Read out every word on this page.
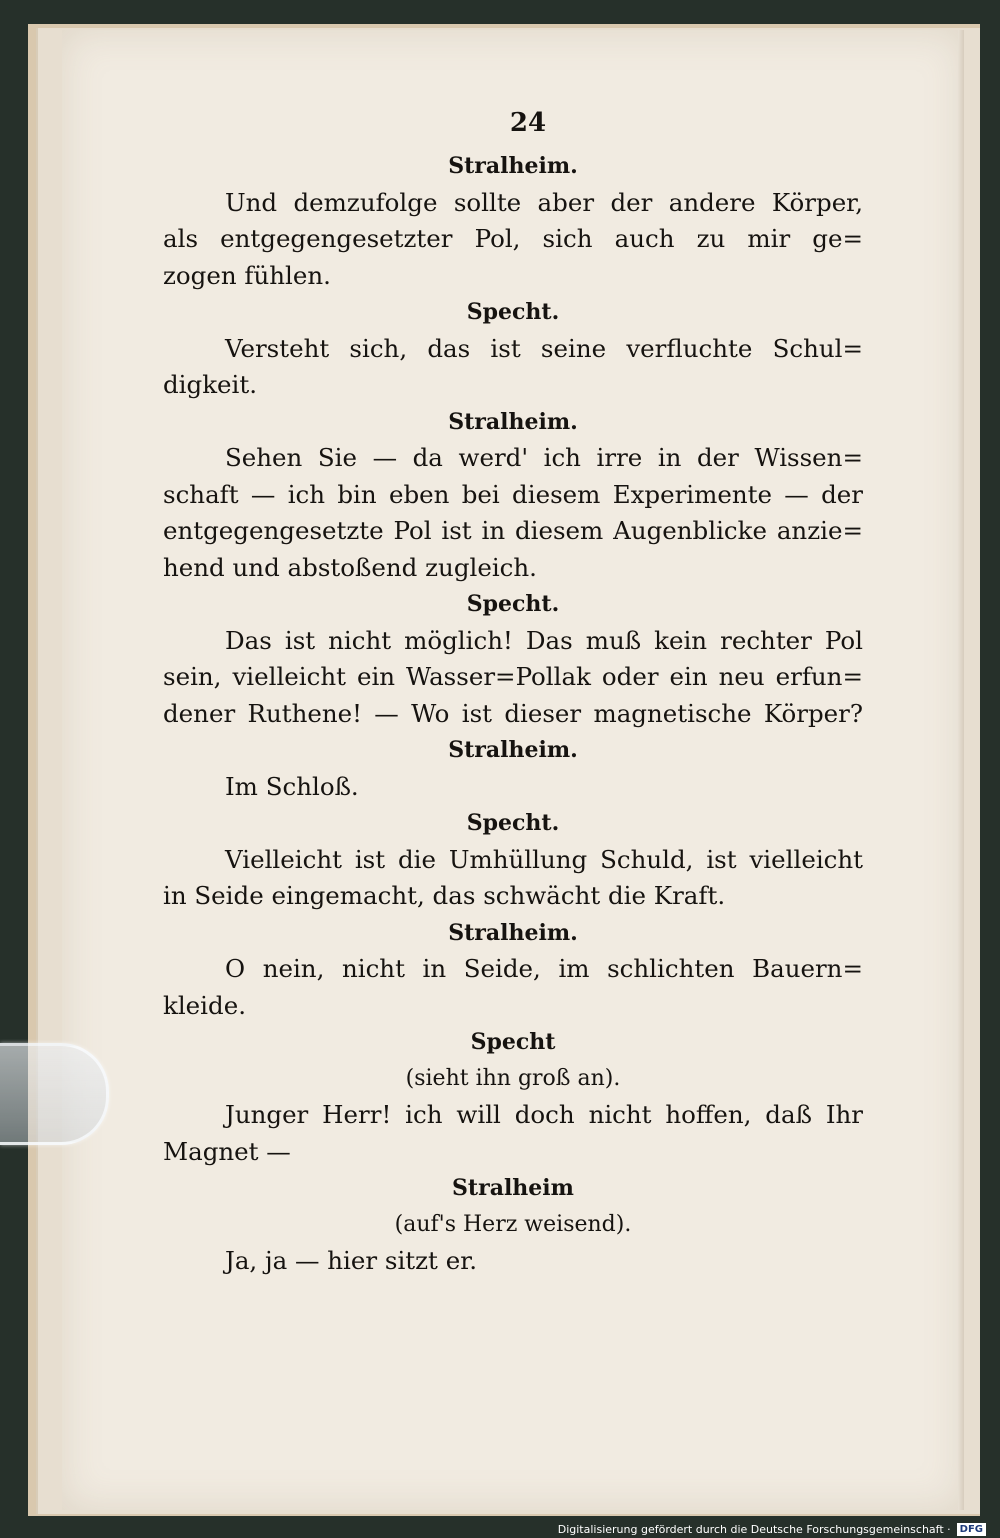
24
Stralheim.
Und demzufolge sollte aber der andere Körper,
als entgegengesetzter Pol, sich auch zu mir ge=
zogen fühlen.
Specht.
Versteht sich, das ist seine verfluchte Schul=
digkeit.
Stralheim.
Sehen Sie — da werd' ich irre in der Wissen=
schaft — ich bin eben bei diesem Experimente — der
entgegengesetzte Pol ist in diesem Augenblicke anzie=
hend und abstoßend zugleich.
Specht.
Das ist nicht möglich! Das muß kein rechter Pol
sein, vielleicht ein Wasser=Pollak oder ein neu erfun=
dener Ruthene! — Wo ist dieser magnetische Körper?
Stralheim.
Im Schloß.
Specht.
Vielleicht ist die Umhüllung Schuld, ist vielleicht
in Seide eingemacht, das schwächt die Kraft.
Stralheim.
O nein, nicht in Seide, im schlichten Bauern=
kleide.
Specht
(sieht ihn groß an).
Junger Herr! ich will doch nicht hoffen, daß Ihr
Magnet —
Stralheim
(auf's Herz weisend).
Ja, ja — hier sitzt er.
Digitalisierung gefördert durch die Deutsche Forschungsgemeinschaft · DFG
